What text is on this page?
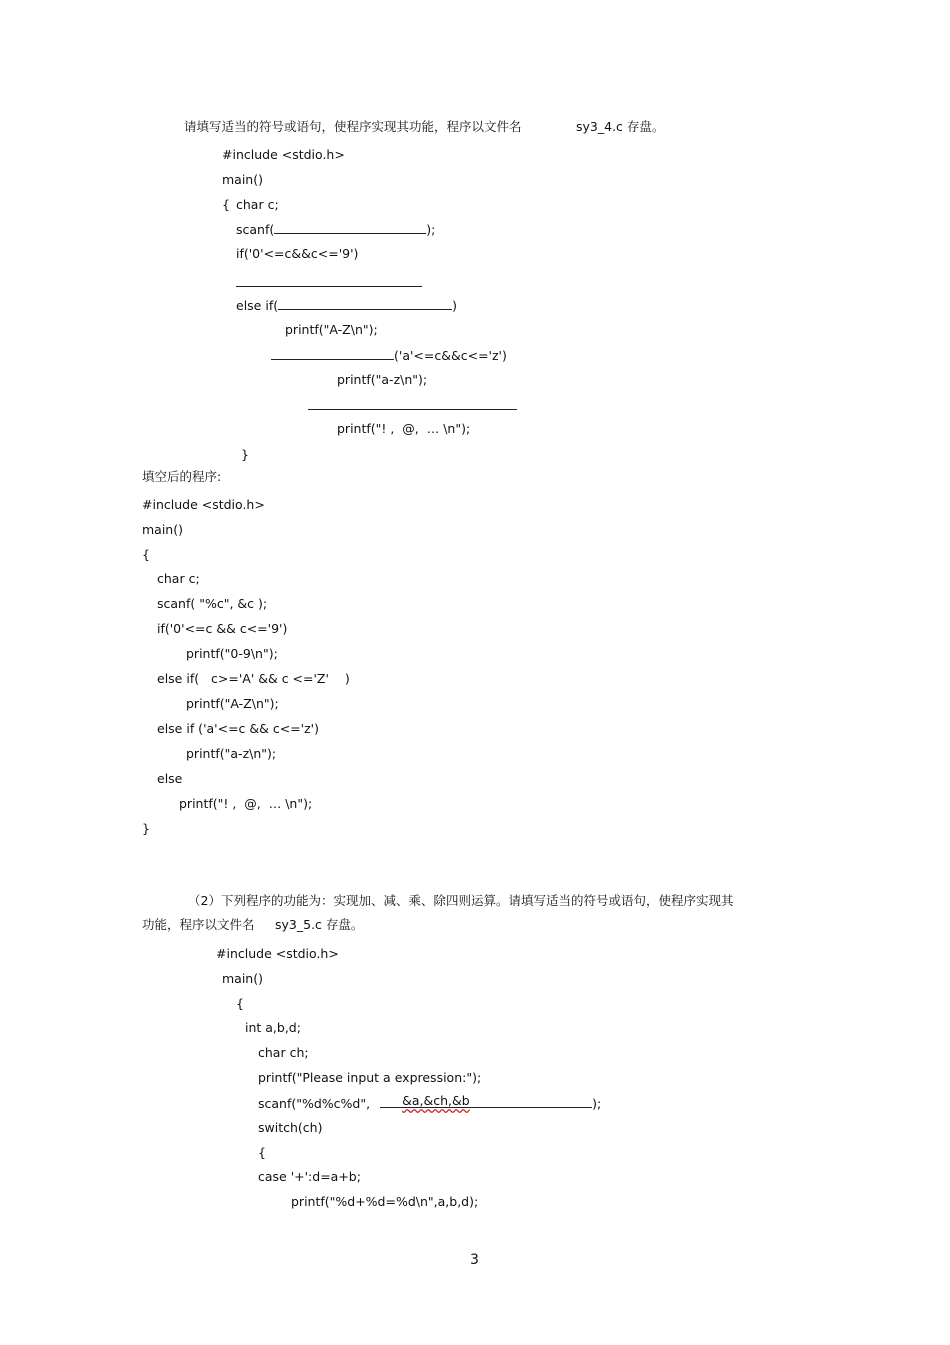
请填写适当的符号或语句，使程序实现其功能，程序以文件名	sy3_4.c 存盘。
#include <stdio.h>
main()
{ char c;
scanf(	);
if('0'<=c&&c<='9')
else if(	)
printf("A-Z\n");
('a'<=c&&c<='z')
printf("a-z\n");
printf("! ,  @,  … \n");
}
填空后的程序:
#include <stdio.h>
main()
{
char c;
scanf( "%c", &c );
if('0'<=c && c<='9')
printf("0-9\n");
else if(   c>='A' && c <='Z'    )
printf("A-Z\n");
else if ('a'<=c && c<='z')
printf("a-z\n");
else
printf("! ,  @,  … \n");
}
（2）下列程序的功能为：实现加、减、乘、除四则运算。请填写适当的符号或语句，使程序实现其
功能，程序以文件名 sy3_5.c 存盘。
#include <stdio.h>
main()
{
int a,b,d;
char ch;
printf("Please input a expression:");
scanf("%d%c%d",	&a,&ch,&b	);
switch(ch)
{
case '+':d=a+b;
printf("%d+%d=%d\n",a,b,d);
3
